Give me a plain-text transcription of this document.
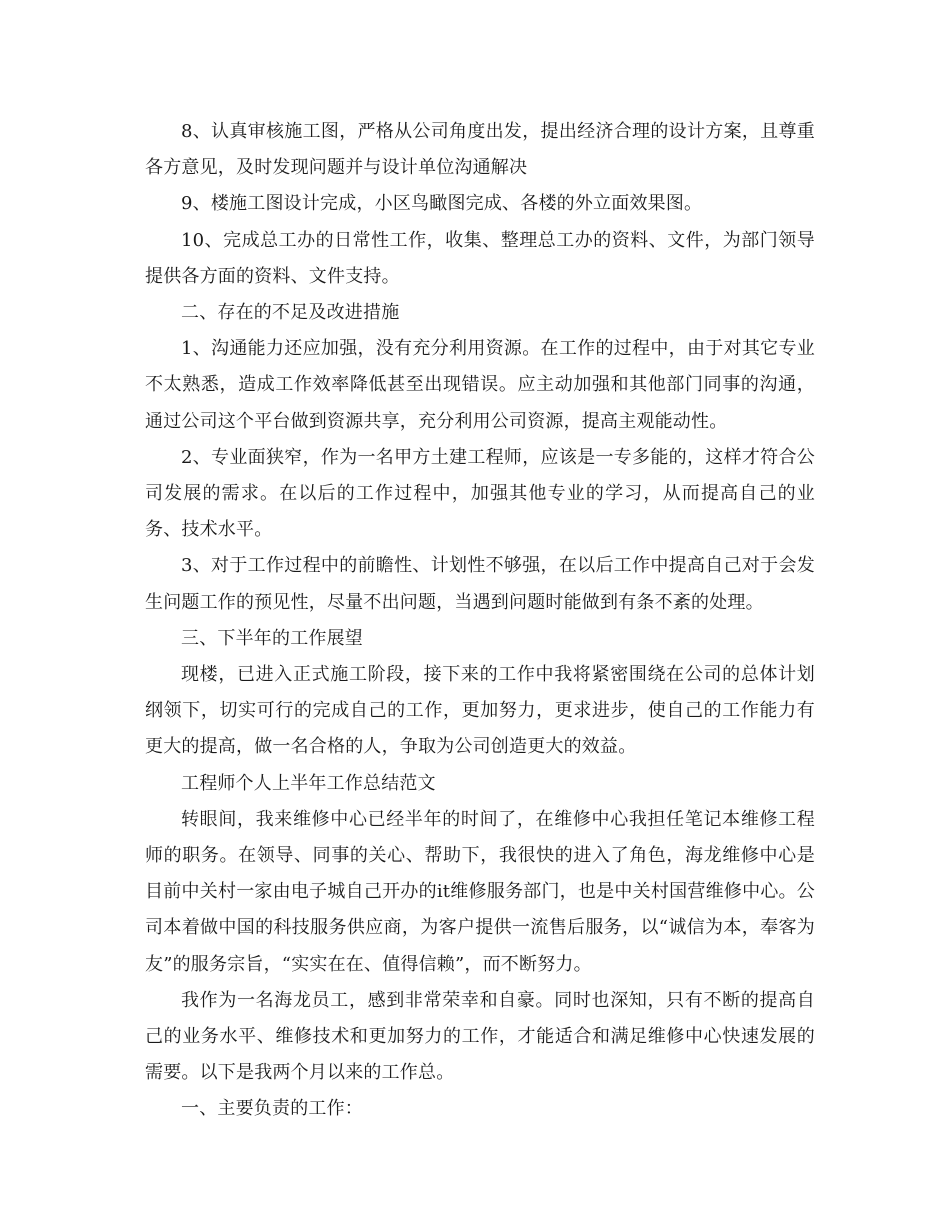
8、认真审核施工图，严格从公司角度出发，提出经济合理的设计方案，且尊重各方意见，及时发现问题并与设计单位沟通解决

9、楼施工图设计完成，小区鸟瞰图完成、各楼的外立面效果图。

10、完成总工办的日常性工作，收集、整理总工办的资料、文件，为部门领导提供各方面的资料、文件支持。

二、存在的不足及改进措施

1、沟通能力还应加强，没有充分利用资源。在工作的过程中，由于对其它专业不太熟悉，造成工作效率降低甚至出现错误。应主动加强和其他部门同事的沟通，通过公司这个平台做到资源共享，充分利用公司资源，提高主观能动性。

2、专业面狭窄，作为一名甲方土建工程师，应该是一专多能的，这样才符合公司发展的需求。在以后的工作过程中，加强其他专业的学习，从而提高自己的业务、技术水平。

3、对于工作过程中的前瞻性、计划性不够强，在以后工作中提高自己对于会发生问题工作的预见性，尽量不出问题，当遇到问题时能做到有条不紊的处理。

三、下半年的工作展望

现楼，已进入正式施工阶段，接下来的工作中我将紧密围绕在公司的总体计划纲领下，切实可行的完成自己的工作，更加努力，更求进步，使自己的工作能力有更大的提高，做一名合格的人，争取为公司创造更大的效益。

工程师个人上半年工作总结范文

转眼间，我来维修中心已经半年的时间了，在维修中心我担任笔记本维修工程师的职务。在领导、同事的关心、帮助下，我很快的进入了角色，海龙维修中心是目前中关村一家由电子城自己开办的it维修服务部门，也是中关村国营维修中心。公司本着做中国的科技服务供应商，为客户提供一流售后服务，以“诚信为本，奉客为友”的服务宗旨，“实实在在、值得信赖”，而不断努力。

我作为一名海龙员工，感到非常荣幸和自豪。同时也深知，只有不断的提高自己的业务水平、维修技术和更加努力的工作，才能适合和满足维修中心快速发展的需要。以下是我两个月以来的工作总。

一、主要负责的工作：
